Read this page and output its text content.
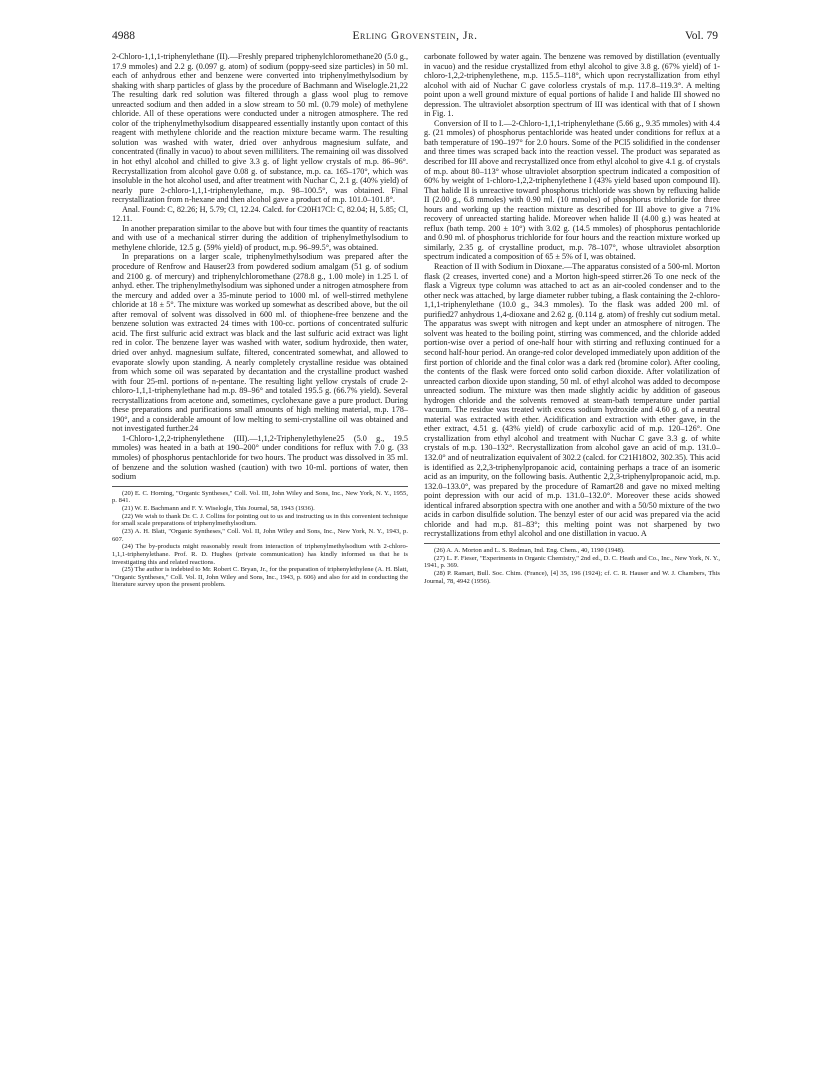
4988	Erling Grovenstein, Jr.	Vol. 79

2-Chloro-1,1,1-triphenylethane (II).—Freshly prepared triphenylchloromethane20 (5.0 g., 17.9 mmoles) and 2.2 g. (0.097 g. atom) of sodium (poppy-seed size particles) in 50 ml. each of anhydrous ether and benzene were converted into triphenylmethylsodium by shaking with sharp particles of glass by the procedure of Bachmann and Wiselogle.21,22 The resulting dark red solution was filtered through a glass wool plug to remove unreacted sodium and then added in a slow stream to 50 ml. (0.79 mole) of methylene chloride. All of these operations were conducted under a nitrogen atmosphere. The red color of the triphenylmethylsodium disappeared essentially instantly upon contact of this reagent with methylene chloride and the reaction mixture became warm. The resulting solution was washed with water, dried over anhydrous magnesium sulfate, and concentrated (finally in vacuo) to about seven milliliters. The remaining oil was dissolved in hot ethyl alcohol and chilled to give 3.3 g. of light yellow crystals of m.p. 86–96°. Recrystallization from alcohol gave 0.08 g. of substance, m.p. ca. 165–170°, which was insoluble in the hot alcohol used, and after treatment with Nuchar C, 2.1 g. (40% yield) of nearly pure 2-chloro-1,1,1-triphenylethane, m.p. 98–100.5°, was obtained. Final recrystallization from n-hexane and then alcohol gave a product of m.p. 101.0–101.8°.

Anal. Found: C, 82.26; H, 5.79; Cl, 12.24. Calcd. for C20H17Cl: C, 82.04; H, 5.85; Cl, 12.11.

In another preparation similar to the above but with four times the quantity of reactants and with use of a mechanical stirrer during the addition of triphenylmethylsodium to methylene chloride, 12.5 g. (59% yield) of product, m.p. 96–99.5°, was obtained.

In preparations on a larger scale, triphenylmethylsodium was prepared after the procedure of Renfrow and Hauser23 from powdered sodium amalgam (51 g. of sodium and 2100 g. of mercury) and triphenylchloromethane (278.8 g., 1.00 mole) in 1.25 l. of anhyd. ether. The triphenylmethylsodium was siphoned under a nitrogen atmosphere from the mercury and added over a 35-minute period to 1000 ml. of well-stirred methylene chloride at 18 ± 5°. The mixture was worked up somewhat as described above, but the oil after removal of solvent was dissolved in 600 ml. of thiophene-free benzene and the benzene solution was extracted 24 times with 100-cc. portions of concentrated sulfuric acid. The first sulfuric acid extract was black and the last sulfuric acid extract was light red in color. The benzene layer was washed with water, sodium hydroxide, then water, dried over anhyd. magnesium sulfate, filtered, concentrated somewhat, and allowed to evaporate slowly upon standing. A nearly completely crystalline residue was obtained from which some oil was separated by decantation and the crystalline product washed with four 25-ml. portions of n-pentane. The resulting light yellow crystals of crude 2-chloro-1,1,1-triphenylethane had m.p. 89–96° and totaled 195.5 g. (66.7% yield). Several recrystallizations from acetone and, sometimes, cyclohexane gave a pure product. During these preparations and purifications small amounts of high melting material, m.p. 178–190°, and a considerable amount of low melting to semi-crystalline oil was obtained and not investigated further.24

1-Chloro-1,2,2-triphenylethene (III).—1,1,2-Triphenylethylene25 (5.0 g., 19.5 mmoles) was heated in a bath at 190–200° under conditions for reflux with 7.0 g. (33 mmoles) of phosphorus pentachloride for two hours. The product was dissolved in 35 ml. of benzene and the solution washed (caution) with two 10-ml. portions of water, then sodium

(20) E. C. Horning, "Organic Syntheses," Coll. Vol. III, John Wiley and Sons, Inc., New York, N. Y., 1955, p. 841.

(21) W. E. Bachmann and F. Y. Wiselogle, This Journal, 58, 1943 (1936).

(22) We wish to thank Dr. C. J. Collins for pointing out to us and instructing us in this convenient technique for small scale preparations of triphenylmethylsodium.

(23) A. H. Blatt, "Organic Syntheses," Coll. Vol. II, John Wiley and Sons, Inc., New York, N. Y., 1943, p. 607.

(24) The by-products might reasonably result from interaction of triphenylmethylsodium with 2-chloro-1,1,1-triphenylethane. Prof. R. D. Hughes (private communication) has kindly informed us that he is investigating this and related reactions.

(25) The author is indebted to Mr. Robert C. Bryan, Jr., for the preparation of triphenylethylene (A. H. Blatt, "Organic Syntheses," Coll. Vol. II, John Wiley and Sons, Inc., 1943, p. 606) and also for aid in conducting the literature survey upon the present problem.

carbonate followed by water again. The benzene was removed by distillation (eventually in vacuo) and the residue crystallized from ethyl alcohol to give 3.8 g. (67% yield) of 1-chloro-1,2,2-triphenylethene, m.p. 115.5–118°, which upon recrystallization from ethyl alcohol with aid of Nuchar C gave colorless crystals of m.p. 117.8–119.3°. A melting point upon a well ground mixture of equal portions of halide I and halide III showed no depression. The ultraviolet absorption spectrum of III was identical with that of I shown in Fig. 1.

Conversion of II to I.—2-Chloro-1,1,1-triphenylethane (5.66 g., 9.35 mmoles) with 4.4 g. (21 mmoles) of phosphorus pentachloride was heated under conditions for reflux at a bath temperature of 190–197° for 2.0 hours. Some of the PCl5 solidified in the condenser and three times was scraped back into the reaction vessel. The product was separated as described for III above and recrystallized once from ethyl alcohol to give 4.1 g. of crystals of m.p. about 80–113° whose ultraviolet absorption spectrum indicated a composition of 60% by weight of 1-chloro-1,2,2-triphenylethene I (43% yield based upon compound II). That halide II is unreactive toward phosphorus trichloride was shown by refluxing halide II (2.00 g., 6.8 mmoles) with 0.90 ml. (10 mmoles) of phosphorus trichloride for three hours and working up the reaction mixture as described for III above to give a 71% recovery of unreacted starting halide. Moreover when halide II (4.00 g.) was heated at reflux (bath temp. 200 ± 10°) with 3.02 g. (14.5 mmoles) of phosphorus pentachloride and 0.90 ml. of phosphorus trichloride for four hours and the reaction mixture worked up similarly, 2.35 g. of crystalline product, m.p. 78–107°, whose ultraviolet absorption spectrum indicated a composition of 65 ± 5% of I, was obtained.

Reaction of II with Sodium in Dioxane.—The apparatus consisted of a 500-ml. Morton flask (2 creases, inverted cone) and a Morton high-speed stirrer.26 To one neck of the flask a Vigreux type column was attached to act as an air-cooled condenser and to the other neck was attached, by large diameter rubber tubing, a flask containing the 2-chloro-1,1,1-triphenylethane (10.0 g., 34.3 mmoles). To the flask was added 200 ml. of purified27 anhydrous 1,4-dioxane and 2.62 g. (0.114 g. atom) of freshly cut sodium metal. The apparatus was swept with nitrogen and kept under an atmosphere of nitrogen. The solvent was heated to the boiling point, stirring was commenced, and the chloride added portion-wise over a period of one-half hour with stirring and refluxing continued for a second half-hour period. An orange-red color developed immediately upon addition of the first portion of chloride and the final color was a dark red (bromine color). After cooling, the contents of the flask were forced onto solid carbon dioxide. After volatilization of unreacted carbon dioxide upon standing, 50 ml. of ethyl alcohol was added to decompose unreacted sodium. The mixture was then made slightly acidic by addition of gaseous hydrogen chloride and the solvents removed at steam-bath temperature under partial vacuum. The residue was treated with excess sodium hydroxide and 4.60 g. of a neutral material was extracted with ether. Acidification and extraction with ether gave, in the ether extract, 4.51 g. (43% yield) of crude carboxylic acid of m.p. 120–126°. One crystallization from ethyl alcohol and treatment with Nuchar C gave 3.3 g. of white crystals of m.p. 130–132°. Recrystallization from alcohol gave an acid of m.p. 131.0–132.0° and of neutralization equivalent of 302.2 (calcd. for C21H18O2, 302.35). This acid is identified as 2,2,3-triphenylpropanoic acid, containing perhaps a trace of an isomeric acid as an impurity, on the following basis. Authentic 2,2,3-triphenylpropanoic acid, m.p. 132.0–133.0°, was prepared by the procedure of Ramart28 and gave no mixed melting point depression with our acid of m.p. 131.0–132.0°. Moreover these acids showed identical infrared absorption spectra with one another and with a 50/50 mixture of the two acids in carbon disulfide solution. The benzyl ester of our acid was prepared via the acid chloride and had m.p. 81–83°; this melting point was not sharpened by two recrystallizations from ethyl alcohol and one distillation in vacuo. A

(26) A. A. Morton and L. S. Redman, Ind. Eng. Chem., 40, 1190 (1948).

(27) L. F. Fieser, "Experiments in Organic Chemistry," 2nd ed., D. C. Heath and Co., Inc., New York, N. Y., 1941, p. 369.

(28) P. Ramart, Bull. Soc. Chim. (France), [4] 35, 196 (1924); cf. C. R. Hauser and W. J. Chambers, This Journal, 78, 4942 (1956).
